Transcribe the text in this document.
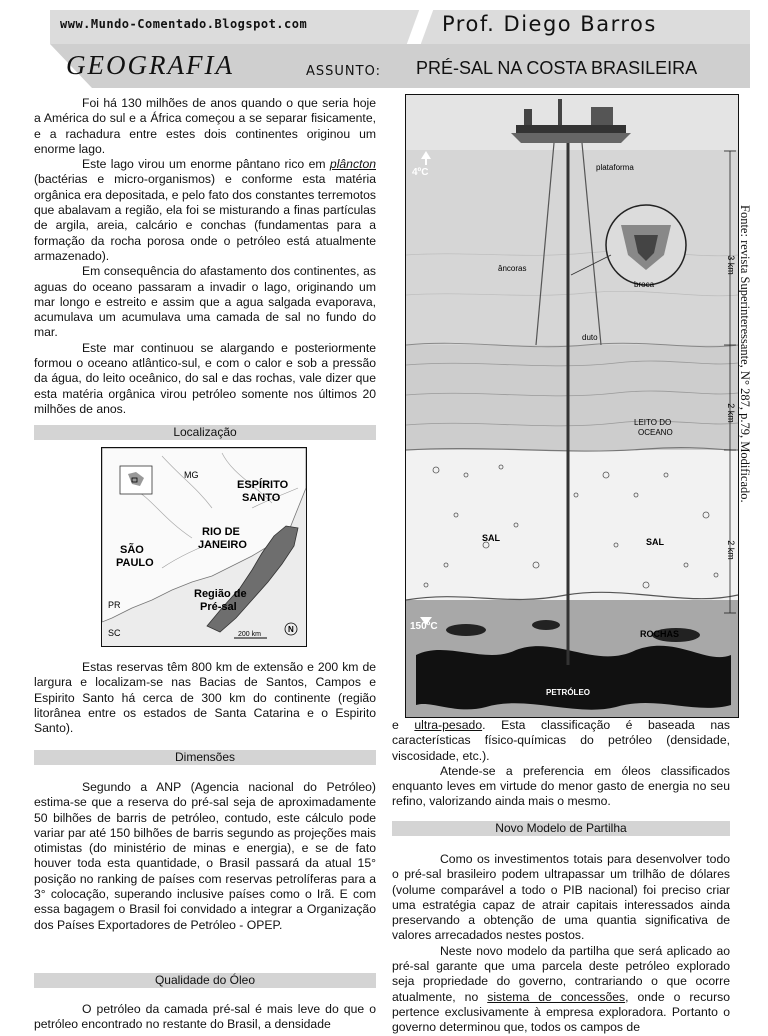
www.Mundo-Comentado.Blogspot.com	Prof. Diego Barros
GEOGRAFIA	ASSUNTO: PRÉ-SAL NA COSTA BRASILEIRA

Foi há 130 milhões de anos quando o que seria hoje a América do sul e a África começou a se separar fisicamente, e a rachadura entre estes dois continentes originou um enorme lago.

Este lago virou um enorme pântano rico em plâncton (bactérias e micro-organismos) e conforme esta matéria orgânica era depositada, e pelo fato dos constantes terremotos que abalavam a região, ela foi se misturando a finas partículas de argila, areia, calcário e conchas (fundamentas para a formação da rocha porosa onde o petróleo está atualmente armazenado).

Em consequência do afastamento dos continentes, as aguas do oceano passaram a invadir o lago, originando um mar longo e estreito e assim que a agua salgada evaporava, acumulava um acumulava uma camada de sal no fundo do mar.

Este mar continuou se alargando e posteriormente formou o oceano atlântico-sul, e com o calor e sob a pressão da água, do leito oceânico, do sal e das rochas, vale dizer que esta matéria orgânica virou petróleo somente nos últimos 20 milhões de anos.

Localização
MG
ESPÍRITO
SANTO
RIO DE
JANEIRO
SÃO
PAULO
PR
SC
Região de
Pré-sal
200 km
N

Estas reservas têm 800 km de extensão e 200 km de largura e localizam-se nas Bacias de Santos, Campos e Espirito Santo há cerca de 300 km do continente (região litorânea entre os estados de Santa Catarina e o Espirito Santo).

Dimensões

Segundo a ANP (Agencia nacional do Petróleo) estima-se que a reserva do pré-sal seja de aproximadamente 50 bilhões de barris de petróleo, contudo, este cálculo pode variar par até 150 bilhões de barris segundo as projeções mais otimistas (do ministério de minas e energia), e se de fato houver toda esta quantidade, o Brasil passará da atual 15° posição no ranking de países com reservas petrolíferas para a 3° colocação, superando inclusive países como o Irã. E com essa bagagem o Brasil foi convidado a integrar a Organização dos Países Exportadores de Petróleo - OPEP.

Qualidade do Óleo

O petróleo da camada pré-sal é mais leve do que o petróleo encontrado no restante do Brasil, a densidade

plataforma
4ºC
âncoras
broca
duto
3 km
LEITO DO
OCEANO
2 km
SAL	SAL	2 km
150ºC
ROCHAS
PETRÓLEO
Fonte: revista Superinteressante, N° 287, p.79, Modificado.

e ultra-pesado. Esta classificação é baseada nas características físico-químicas do petróleo (densidade, viscosidade, etc.).

Atende-se a preferencia em óleos classificados enquanto leves em virtude do menor gasto de energia no seu refino, valorizando ainda mais o mesmo.

Novo Modelo de Partilha

Como os investimentos totais para desenvolver todo o pré-sal brasileiro podem ultrapassar um trilhão de dólares (volume comparável a todo o PIB nacional) foi preciso criar uma estratégia capaz de atrair capitais interessados ainda preservando a obtenção de uma quantia significativa de valores arrecadados nestes postos.

Neste novo modelo da partilha que será aplicado ao pré-sal garante que uma parcela deste petróleo explorado seja propriedade do governo, contrariando o que ocorre atualmente, no sistema de concessões, onde o recurso pertence exclusivamente à empresa exploradora. Portanto o governo determinou que, todos os campos de
